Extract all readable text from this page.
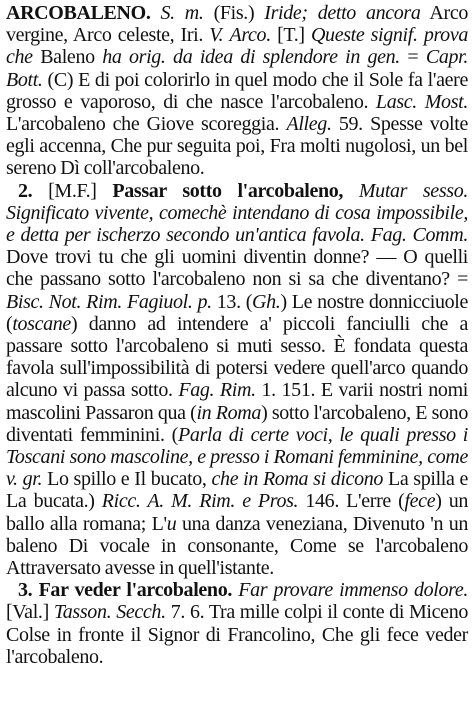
ARCOBALENO. S. m. (Fis.) Iride; detto ancora Arco vergine, Arco celeste, Iri. V. Arco. [T.] Queste signif. prova che Baleno ha orig. da idea di splendore in gen. = Capr. Bott. (C) E di poi colorirlo in quel modo che il Sole fa l'aere grosso e vaporoso, di che nasce l'arcobaleno. Lasc. Most. L'arcobaleno che Giove scoreggia. Alleg. 59. Spesse volte egli accenna, Che pur seguita poi, Fra molti nugolosi, un bel sereno Dì coll'arcobaleno.

2. [M.F.] Passar sotto l'arcobaleno, Mutar sesso. Significato vivente, comechè intendano di cosa impossibile, e detta per ischerzo secondo un'antica favola. Fag. Comm. Dove trovi tu che gli uomini diventin donne? — O quelli che passano sotto l'arcobaleno non si sa che diventano? = Bisc. Not. Rim. Fagiuol. p. 13. (Gh.) Le nostre donnicciuole (toscane) danno ad intendere a' piccoli fanciulli che a passare sotto l'arcobaleno si muti sesso. È fondata questa favola sull'impossibilità di potersi vedere quell'arco quando alcuno vi passa sotto. Fag. Rim. 1. 151. E varii nostri nomi mascolini Passaron qua (in Roma) sotto l'arcobaleno, E sono diventati femminini. (Parla di certe voci, le quali presso i Toscani sono mascoline, e presso i Romani femminine, come v. gr. Lo spillo e Il bucato, che in Roma si dicono La spilla e La bucata.) Ricc. A. M. Rim. e Pros. 146. L'erre (fece) un ballo alla romana; L'u una danza veneziana, Divenuto 'n un baleno Di vocale in consonante, Come se l'arcobaleno Attraversato avesse in quell'istante.

3. Far veder l'arcobaleno. Far provare immenso dolore. [Val.] Tasson. Secch. 7. 6. Tra mille colpi il conte di Miceno Colse in fronte il Signor di Francolino, Che gli fece veder l'arcobaleno.
